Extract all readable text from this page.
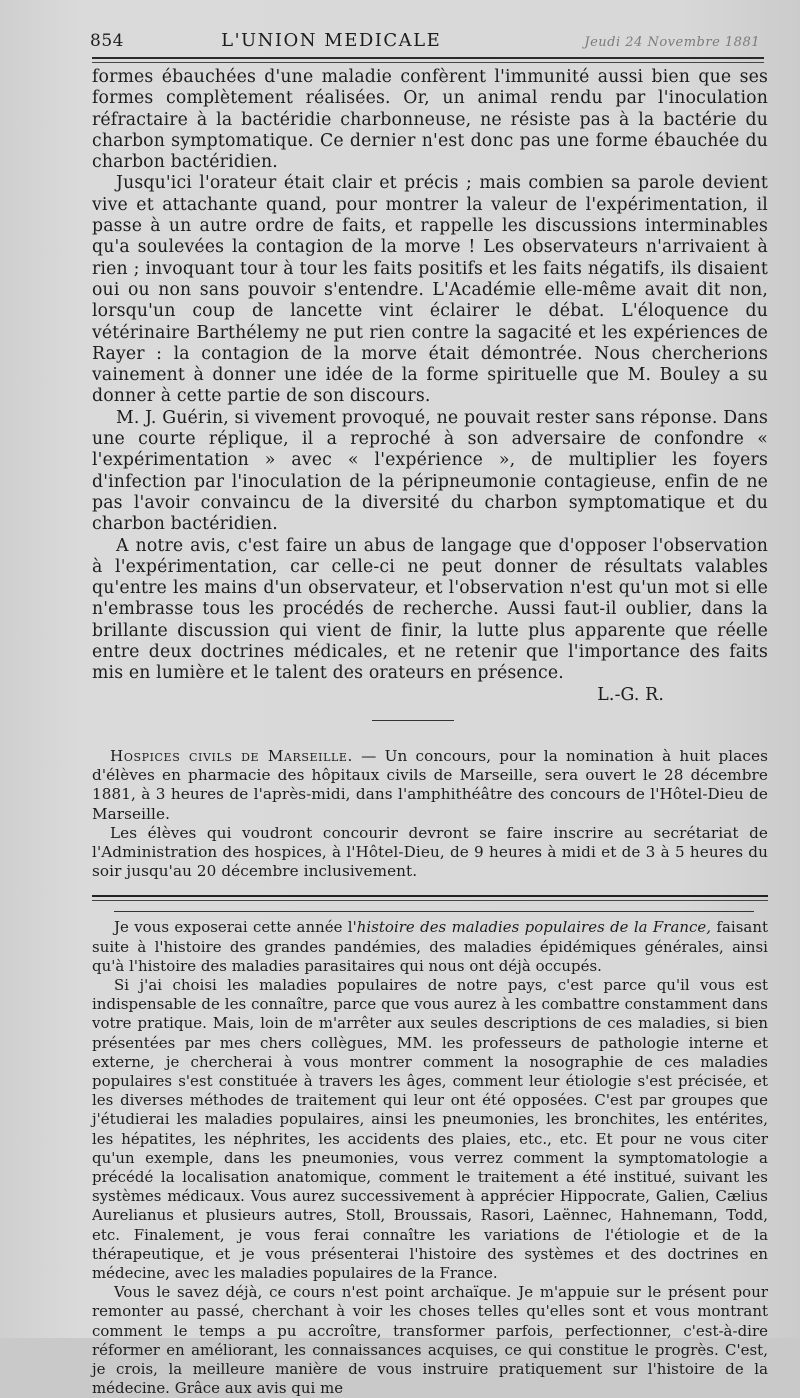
854	L'UNION MEDICALE	Jeudi 24 Novembre 1881

formes ébauchées d'une maladie confèrent l'immunité aussi bien que ses formes complètement réalisées. Or, un animal rendu par l'inoculation réfractaire à la bactéridie charbonneuse, ne résiste pas à la bactérie du charbon symptomatique. Ce dernier n'est donc pas une forme ébauchée du charbon bactéridien.

Jusqu'ici l'orateur était clair et précis ; mais combien sa parole devient vive et attachante quand, pour montrer la valeur de l'expérimentation, il passe à un autre ordre de faits, et rappelle les discussions interminables qu'a soulevées la contagion de la morve ! Les observateurs n'arrivaient à rien ; invoquant tour à tour les faits positifs et les faits négatifs, ils disaient oui ou non sans pouvoir s'entendre. L'Académie elle-même avait dit non, lorsqu'un coup de lancette vint éclairer le débat. L'éloquence du vétérinaire Barthélemy ne put rien contre la sagacité et les expériences de Rayer : la contagion de la morve était démontrée. Nous chercherions vainement à donner une idée de la forme spirituelle que M. Bouley a su donner à cette partie de son discours.

M. J. Guérin, si vivement provoqué, ne pouvait rester sans réponse. Dans une courte réplique, il a reproché à son adversaire de confondre « l'expérimentation » avec « l'expérience », de multiplier les foyers d'infection par l'inoculation de la péripneumonie contagieuse, enfin de ne pas l'avoir convaincu de la diversité du charbon symptomatique et du charbon bactéridien.

A notre avis, c'est faire un abus de langage que d'opposer l'observation à l'expérimentation, car celle-ci ne peut donner de résultats valables qu'entre les mains d'un observateur, et l'observation n'est qu'un mot si elle n'embrasse tous les procédés de recherche. Aussi faut-il oublier, dans la brillante discussion qui vient de finir, la lutte plus apparente que réelle entre deux doctrines médicales, et ne retenir que l'importance des faits mis en lumière et le talent des orateurs en présence.

L.-G. R.

Hospices civils de Marseille. — Un concours, pour la nomination à huit places d'élèves en pharmacie des hôpitaux civils de Marseille, sera ouvert le 28 décembre 1881, à 3 heures de l'après-midi, dans l'amphithéâtre des concours de l'Hôtel-Dieu de Marseille.

Les élèves qui voudront concourir devront se faire inscrire au secrétariat de l'Administration des hospices, à l'Hôtel-Dieu, de 9 heures à midi et de 3 à 5 heures du soir jusqu'au 20 décembre inclusivement.

Je vous exposerai cette année l'histoire des maladies populaires de la France, faisant suite à l'histoire des grandes pandémies, des maladies épidémiques générales, ainsi qu'à l'histoire des maladies parasitaires qui nous ont déjà occupés.

Si j'ai choisi les maladies populaires de notre pays, c'est parce qu'il vous est indispensable de les connaître, parce que vous aurez à les combattre constamment dans votre pratique. Mais, loin de m'arrêter aux seules descriptions de ces maladies, si bien présentées par mes chers collègues, MM. les professeurs de pathologie interne et externe, je chercherai à vous montrer comment la nosographie de ces maladies populaires s'est constituée à travers les âges, comment leur étiologie s'est précisée, et les diverses méthodes de traitement qui leur ont été opposées. C'est par groupes que j'étudierai les maladies populaires, ainsi les pneumonies, les bronchites, les entérites, les hépatites, les néphrites, les accidents des plaies, etc., etc. Et pour ne vous citer qu'un exemple, dans les pneumonies, vous verrez comment la symptomatologie a précédé la localisation anatomique, comment le traitement a été institué, suivant les systèmes médicaux. Vous aurez successivement à apprécier Hippocrate, Galien, Cælius Aurelianus et plusieurs autres, Stoll, Broussais, Rasori, Laënnec, Hahnemann, Todd, etc. Finalement, je vous ferai connaître les variations de l'étiologie et de la thérapeutique, et je vous présenterai l'histoire des systèmes et des doctrines en médecine, avec les maladies populaires de la France.

Vous le savez déjà, ce cours n'est point archaïque. Je m'appuie sur le présent pour remonter au passé, cherchant à voir les choses telles qu'elles sont et vous montrant comment le temps a pu accroître, transformer parfois, perfectionner, c'est-à-dire réformer en améliorant, les connaissances acquises, ce qui constitue le progrès. C'est, je crois, la meilleure manière de vous instruire pratiquement sur l'histoire de la médecine. Grâce aux avis qui me
